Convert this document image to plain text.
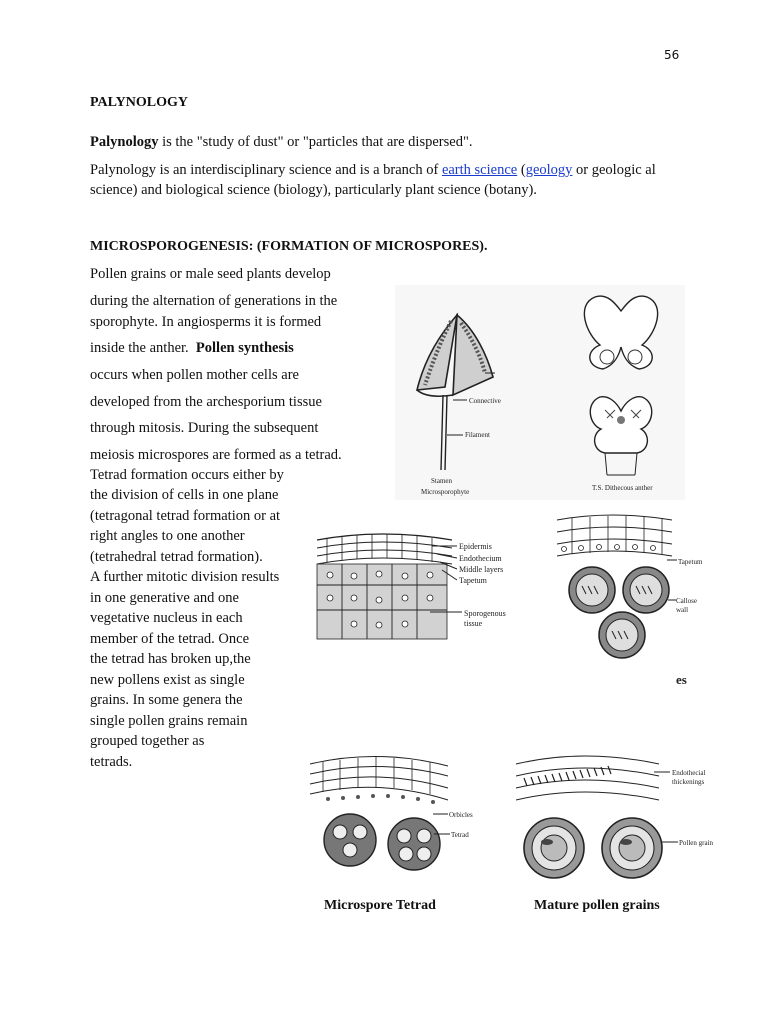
56
PALYNOLOGY
Palynology is the "study of dust" or "particles that are dispersed".
Palynology is an interdisciplinary science and is a branch of earth science (geology or geologic al science) and biological science (biology), particularly plant science (botany).
MICROSPOROGENESIS: (FORMATION OF MICROSPORES).
Pollen grains or male seed plants develop
during the alternation of generations in the
sporophyte. In angiosperms it is formed
inside the anther. Pollen synthesis
occurs when pollen mother cells are
developed from the archesporium tissue
through mitosis. During the subsequent
meiosis microspores are formed as a tetrad.
Tetrad formation occurs either by
the division of cells in one plane
(tetragonal tetrad formation or at
right angles to one another
(tetrahedral tetrad formation).
A further mitotic division results
in one generative and one
vegetative nucleus in each
member of the tetrad. Once
the tetrad has broken up,the
new pollens exist as single
grains. In some genera the
single pollen grains remain
grouped together as
tetrads.
Connective
Filament
Stamen
Microsporophyte	T.S. Dithecous anther
Epidermis
Endothecium
Middle layers
Tapetum
Sporogenous
tissue
Tapetum
Callose
wall
es
Orbicles
Tetrad
Endothecial
thickenings
Pollen grain
Microspore Tetrad	Mature pollen grains
